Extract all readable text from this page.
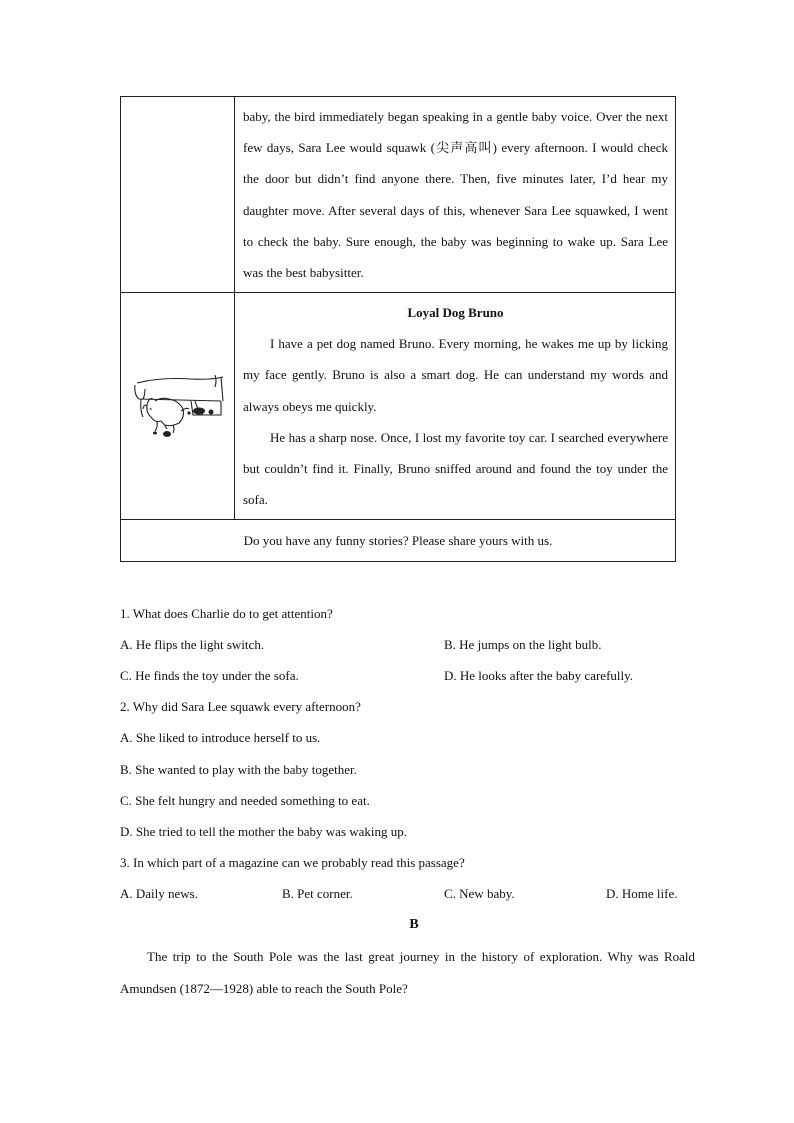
	baby, the bird immediately began speaking in a gentle baby voice. Over the next few days, Sara Lee would squawk (尖声高叫) every afternoon. I would check the door but didn’t find anyone there. Then, five minutes later, I’d hear my daughter move. After several days of this, whenever Sara Lee squawked, I went to check the baby. Sure enough, the baby was beginning to wake up. Sara Lee was the best babysitter.

Loyal Dog Bruno

I have a pet dog named Bruno. Every morning, he wakes me up by licking my face gently. Bruno is also a smart dog. He can understand my words and always obeys me quickly.

He has a sharp nose. Once, I lost my favorite toy car. I searched everywhere but couldn’t find it. Finally, Bruno sniffed around and found the toy under the sofa.

Do you have any funny stories? Please share yours with us.	
1. What does Charlie do to get attention?
A. He flips the light switch.	B. He jumps on the light bulb.
C. He finds the toy under the sofa.	D. He looks after the baby carefully.
2. Why did Sara Lee squawk every afternoon?
A. She liked to introduce herself to us.
B. She wanted to play with the baby together.
C. She felt hungry and needed something to eat.
D. She tried to tell the mother the baby was waking up.
3. In which part of a magazine can we probably read this passage?
A. Daily news.	B. Pet corner.	C. New baby.	D. Home life.
B
The trip to the South Pole was the last great journey in the history of exploration. Why was Roald Amundsen (1872—1928) able to reach the South Pole?
